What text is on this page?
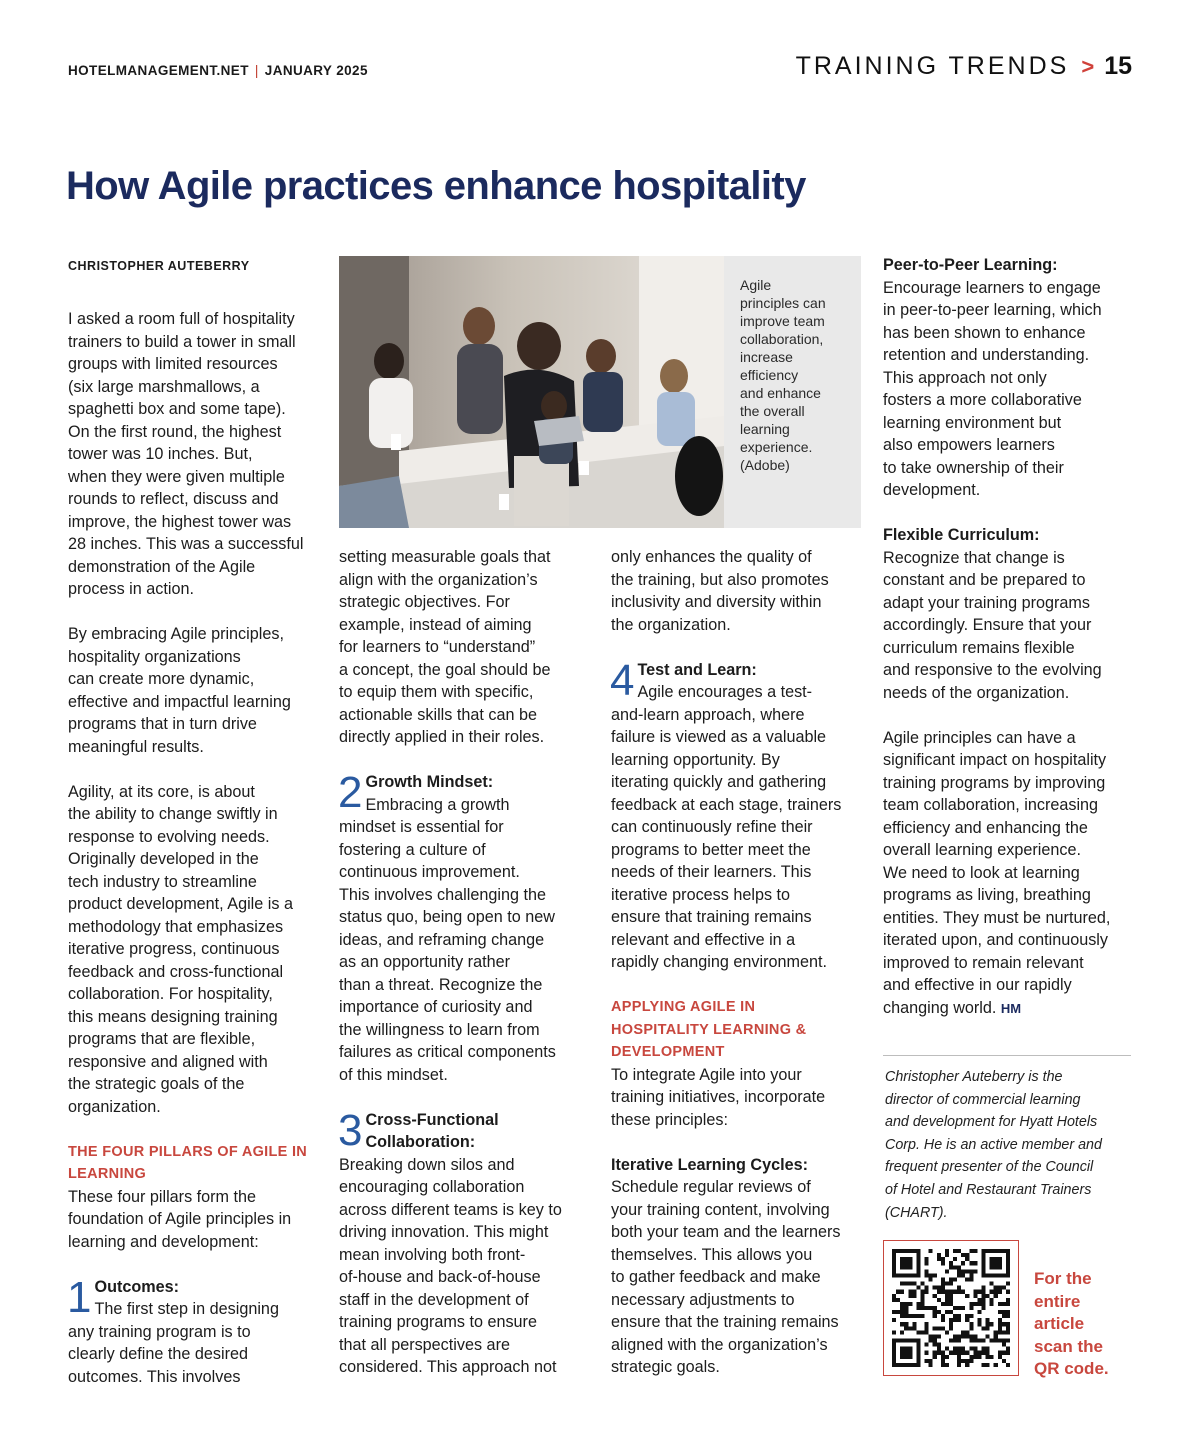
HOTELMANAGEMENT.NET | JANUARY 2025	TRAINING TRENDS > 15
How Agile practices enhance hospitality

CHRISTOPHER AUTEBERRY

I asked a room full of hospitality
trainers to build a tower in small
groups with limited resources
(six large marshmallows, a
spaghetti box and some tape).
On the first round, the highest
tower was 10 inches. But,
when they were given multiple
rounds to reflect, discuss and
improve, the highest tower was
28 inches. This was a successful
demonstration of the Agile
process in action.
By embracing Agile principles,
hospitality organizations
can create more dynamic,
effective and impactful learning
programs that in turn drive
meaningful results.
Agility, at its core, is about
the ability to change swiftly in
response to evolving needs.
Originally developed in the
tech industry to streamline
product development, Agile is a
methodology that emphasizes
iterative progress, continuous
feedback and cross-functional
collaboration. For hospitality,
this means designing training
programs that are flexible,
responsive and aligned with
the strategic goals of the
organization.
THE FOUR PILLARS OF AGILE IN
LEARNING
These four pillars form the
foundation of Agile principles in
learning and development:
1 Outcomes:
The first step in designing
any training program is to
clearly define the desired
outcomes. This involves
Agile
principles can
improve team
collaboration,
increase
efficiency
and enhance
the overall
learning
experience.
(Adobe)
setting measurable goals that
align with the organization’s
strategic objectives. For
example, instead of aiming
for learners to “understand”
a concept, the goal should be
to equip them with specific,
actionable skills that can be
directly applied in their roles.
2 Growth Mindset:
Embracing a growth
mindset is essential for
fostering a culture of
continuous improvement.
This involves challenging the
status quo, being open to new
ideas, and reframing change
as an opportunity rather
than a threat. Recognize the
importance of curiosity and
the willingness to learn from
failures as critical components
of this mindset.
3 Cross-Functional
Collaboration:
Breaking down silos and
encouraging collaboration
across different teams is key to
driving innovation. This might
mean involving both front-
of-house and back-of-house
staff in the development of
training programs to ensure
that all perspectives are
considered. This approach not
only enhances the quality of
the training, but also promotes
inclusivity and diversity within
the organization.
4 Test and Learn:
Agile encourages a test-
and-learn approach, where
failure is viewed as a valuable
learning opportunity. By
iterating quickly and gathering
feedback at each stage, trainers
can continuously refine their
programs to better meet the
needs of their learners. This
iterative process helps to
ensure that training remains
relevant and effective in a
rapidly changing environment.
APPLYING AGILE IN
HOSPITALITY LEARNING &
DEVELOPMENT
To integrate Agile into your
training initiatives, incorporate
these principles:
Iterative Learning Cycles:
Schedule regular reviews of
your training content, involving
both your team and the learners
themselves. This allows you
to gather feedback and make
necessary adjustments to
ensure that the training remains
aligned with the organization’s
strategic goals.
Peer-to-Peer Learning:
Encourage learners to engage
in peer-to-peer learning, which
has been shown to enhance
retention and understanding.
This approach not only
fosters a more collaborative
learning environment but
also empowers learners
to take ownership of their
development.
Flexible Curriculum:
Recognize that change is
constant and be prepared to
adapt your training programs
accordingly. Ensure that your
curriculum remains flexible
and responsive to the evolving
needs of the organization.
Agile principles can have a
significant impact on hospitality
training programs by improving
team collaboration, increasing
efficiency and enhancing the
overall learning experience.
We need to look at learning
programs as living, breathing
entities. They must be nurtured,
iterated upon, and continuously
improved to remain relevant
and effective in our rapidly
changing world. HM
Christopher Auteberry is the
director of commercial learning
and development for Hyatt Hotels
Corp. He is an active member and
frequent presenter of the Council
of Hotel and Restaurant Trainers
(CHART).
For the
entire
article
scan the
QR code.
